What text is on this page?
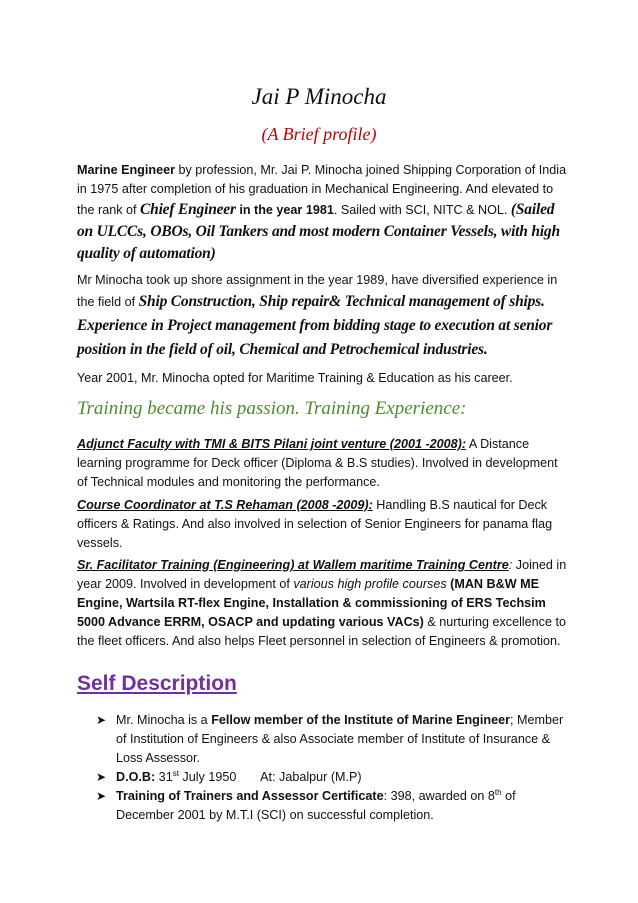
Jai P Minocha
(A Brief profile)
Marine Engineer by profession, Mr. Jai P. Minocha joined Shipping Corporation of India in 1975 after completion of his graduation in Mechanical Engineering. And elevated to the rank of Chief Engineer in the year 1981. Sailed with SCI, NITC & NOL. (Sailed on ULCCs, OBOs, Oil Tankers and most modern Container Vessels, with high quality of automation)
Mr Minocha took up shore assignment in the year 1989, have diversified experience in the field of Ship Construction, Ship repair& Technical management of ships. Experience in Project management from bidding stage to execution at senior position in the field of oil, Chemical and Petrochemical industries.
Year 2001, Mr. Minocha opted for Maritime Training & Education as his career.
Training became his passion. Training Experience:
Adjunct Faculty with TMI & BITS Pilani joint venture (2001 -2008): A Distance learning programme for Deck officer (Diploma & B.S studies). Involved in development of Technical modules and monitoring the performance.
Course Coordinator at T.S Rehaman (2008 -2009): Handling B.S nautical for Deck officers & Ratings. And also involved in selection of Senior Engineers for panama flag vessels.
Sr. Facilitator Training (Engineering) at Wallem maritime Training Centre: Joined in year 2009. Involved in development of various high profile courses (MAN B&W ME Engine, Wartsila RT-flex Engine, Installation & commissioning of ERS Techsim 5000 Advance ERRM, OSACP and updating various VACs) & nurturing excellence to the fleet officers. And also helps Fleet personnel in selection of Engineers & promotion.
Self Description
➤ Mr. Minocha is a Fellow member of the Institute of Marine Engineer; Member of Institution of Engineers & also Associate member of Institute of Insurance & Loss Assessor.
➤ D.O.B: 31st July 1950       At: Jabalpur (M.P)
➤ Training of Trainers and Assessor Certificate: 398, awarded on 8th of December 2001 by M.T.I (SCI) on successful completion.
